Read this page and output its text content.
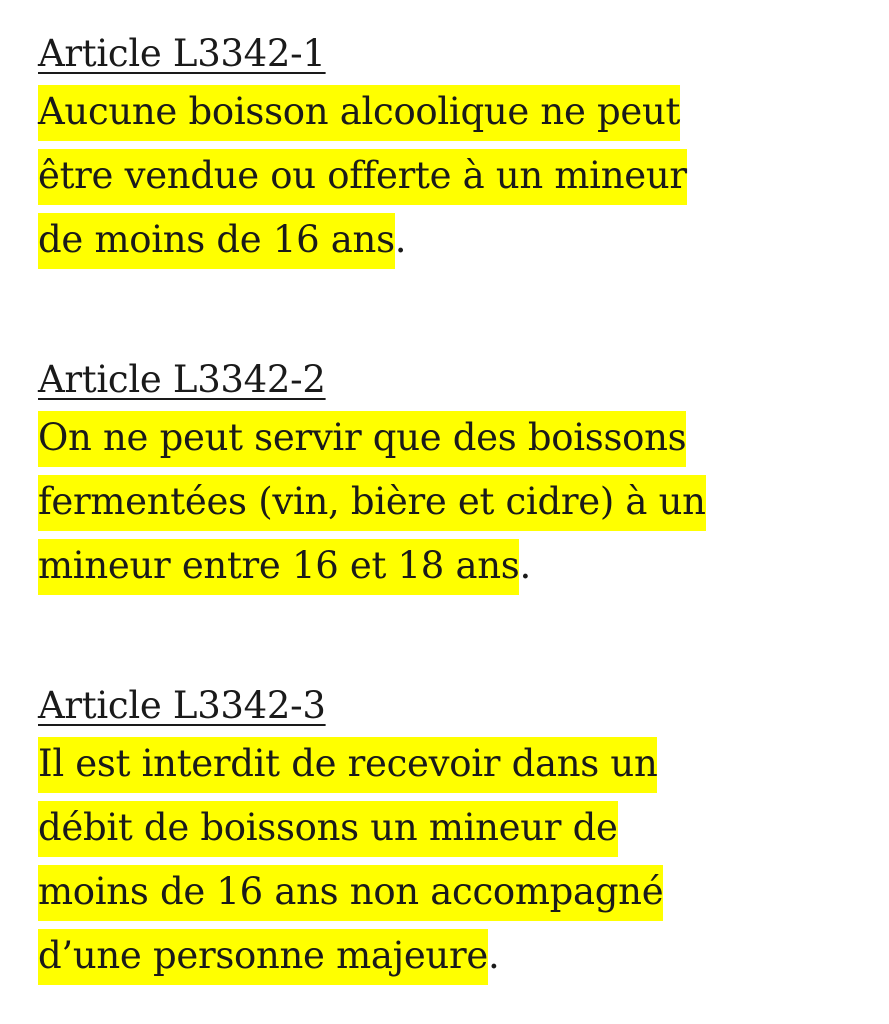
Article L3342-1

Aucune boisson alcoolique ne peut
être vendue ou offerte à un mineur
de moins de 16 ans.

Article L3342-2

On ne peut servir que des boissons
fermentées (vin, bière et cidre) à un
mineur entre 16 et 18 ans.

Article L3342-3

Il est interdit de recevoir dans un
débit de boissons un mineur de
moins de 16 ans non accompagné
d’une personne majeure.
